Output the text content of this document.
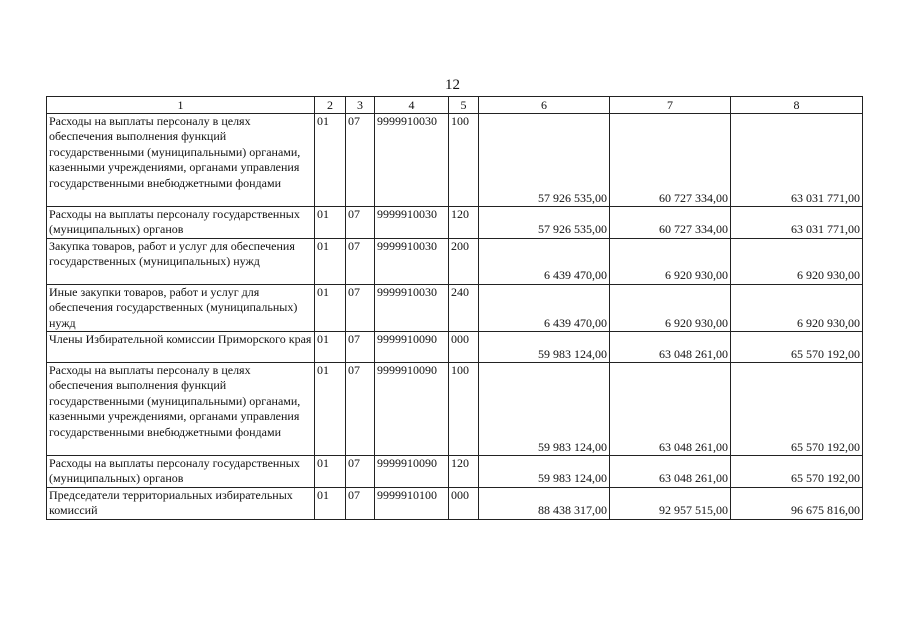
12
1	2	3	4	5	6	7	8
Расходы на выплаты персоналу в целях обеспечения выполнения функций государственными (муниципальными) органами, казенными учреждениями, органами управления государственными внебюджетными фондами	01	07	9999910030	100	57 926 535,00	60 727 334,00	63 031 771,00
Расходы на выплаты персоналу государственных (муниципальных) органов	01	07	9999910030	120	57 926 535,00	60 727 334,00	63 031 771,00
Закупка товаров, работ и услуг для обеспечения государственных (муниципальных) нужд	01	07	9999910030	200	6 439 470,00	6 920 930,00	6 920 930,00
Иные закупки товаров, работ и услуг для обеспечения государственных (муниципальных) нужд	01	07	9999910030	240	6 439 470,00	6 920 930,00	6 920 930,00
Члены Избирательной комиссии Приморского края	01	07	9999910090	000	59 983 124,00	63 048 261,00	65 570 192,00
Расходы на выплаты персоналу в целях обеспечения выполнения функций государственными (муниципальными) органами, казенными учреждениями, органами управления государственными внебюджетными фондами	01	07	9999910090	100	59 983 124,00	63 048 261,00	65 570 192,00
Расходы на выплаты персоналу государственных (муниципальных) органов	01	07	9999910090	120	59 983 124,00	63 048 261,00	65 570 192,00
Председатели территориальных избирательных комиссий	01	07	9999910100	000	88 438 317,00	92 957 515,00	96 675 816,00
